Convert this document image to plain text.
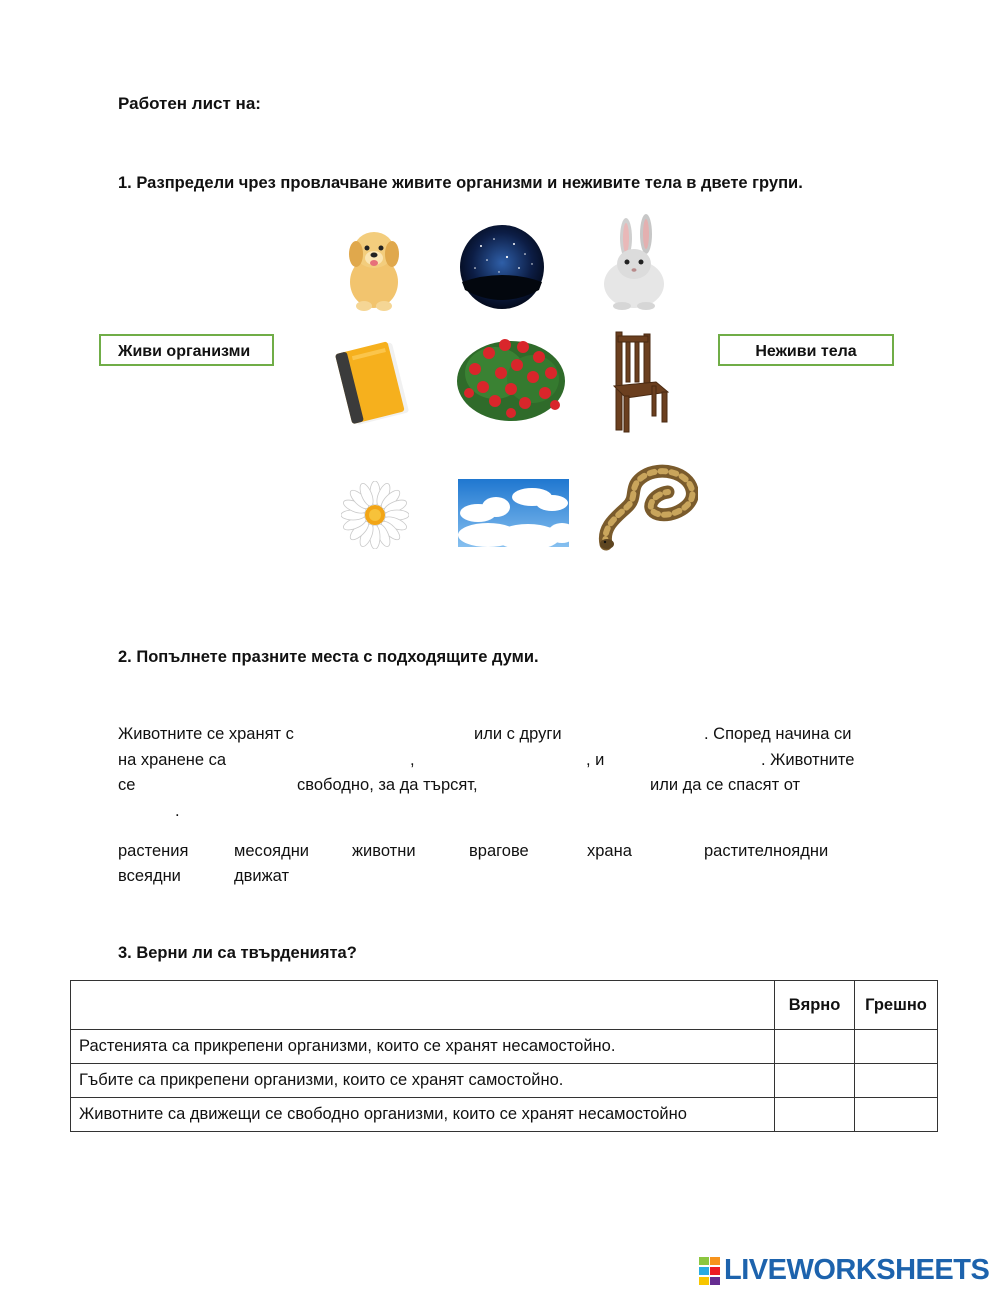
Работен лист на:
1. Разпредели чрез провлачване живите организми и неживите тела в двете групи.
Живи организми	Неживи тела
2. Попълнете празните места с подходящите думи.
Животните се хранят с	или с други	. Според начина си
на хранене са	,	, и	. Животните
се	свободно, за да търсят,	или да се спасят от
.
растения	месоядни	животни	врагове	храна	растителноядни
всеядни	движат
3. Верни ли са твърденията?
	Вярно	Грешно
Растенията са прикрепени организми, които се хранят несамостойно.		
Гъбите са прикрепени организми, които се хранят самостойно.		
Животните са движещи се свободно организми, които се хранят несамостойно		
LIVEWORKSHEETS
